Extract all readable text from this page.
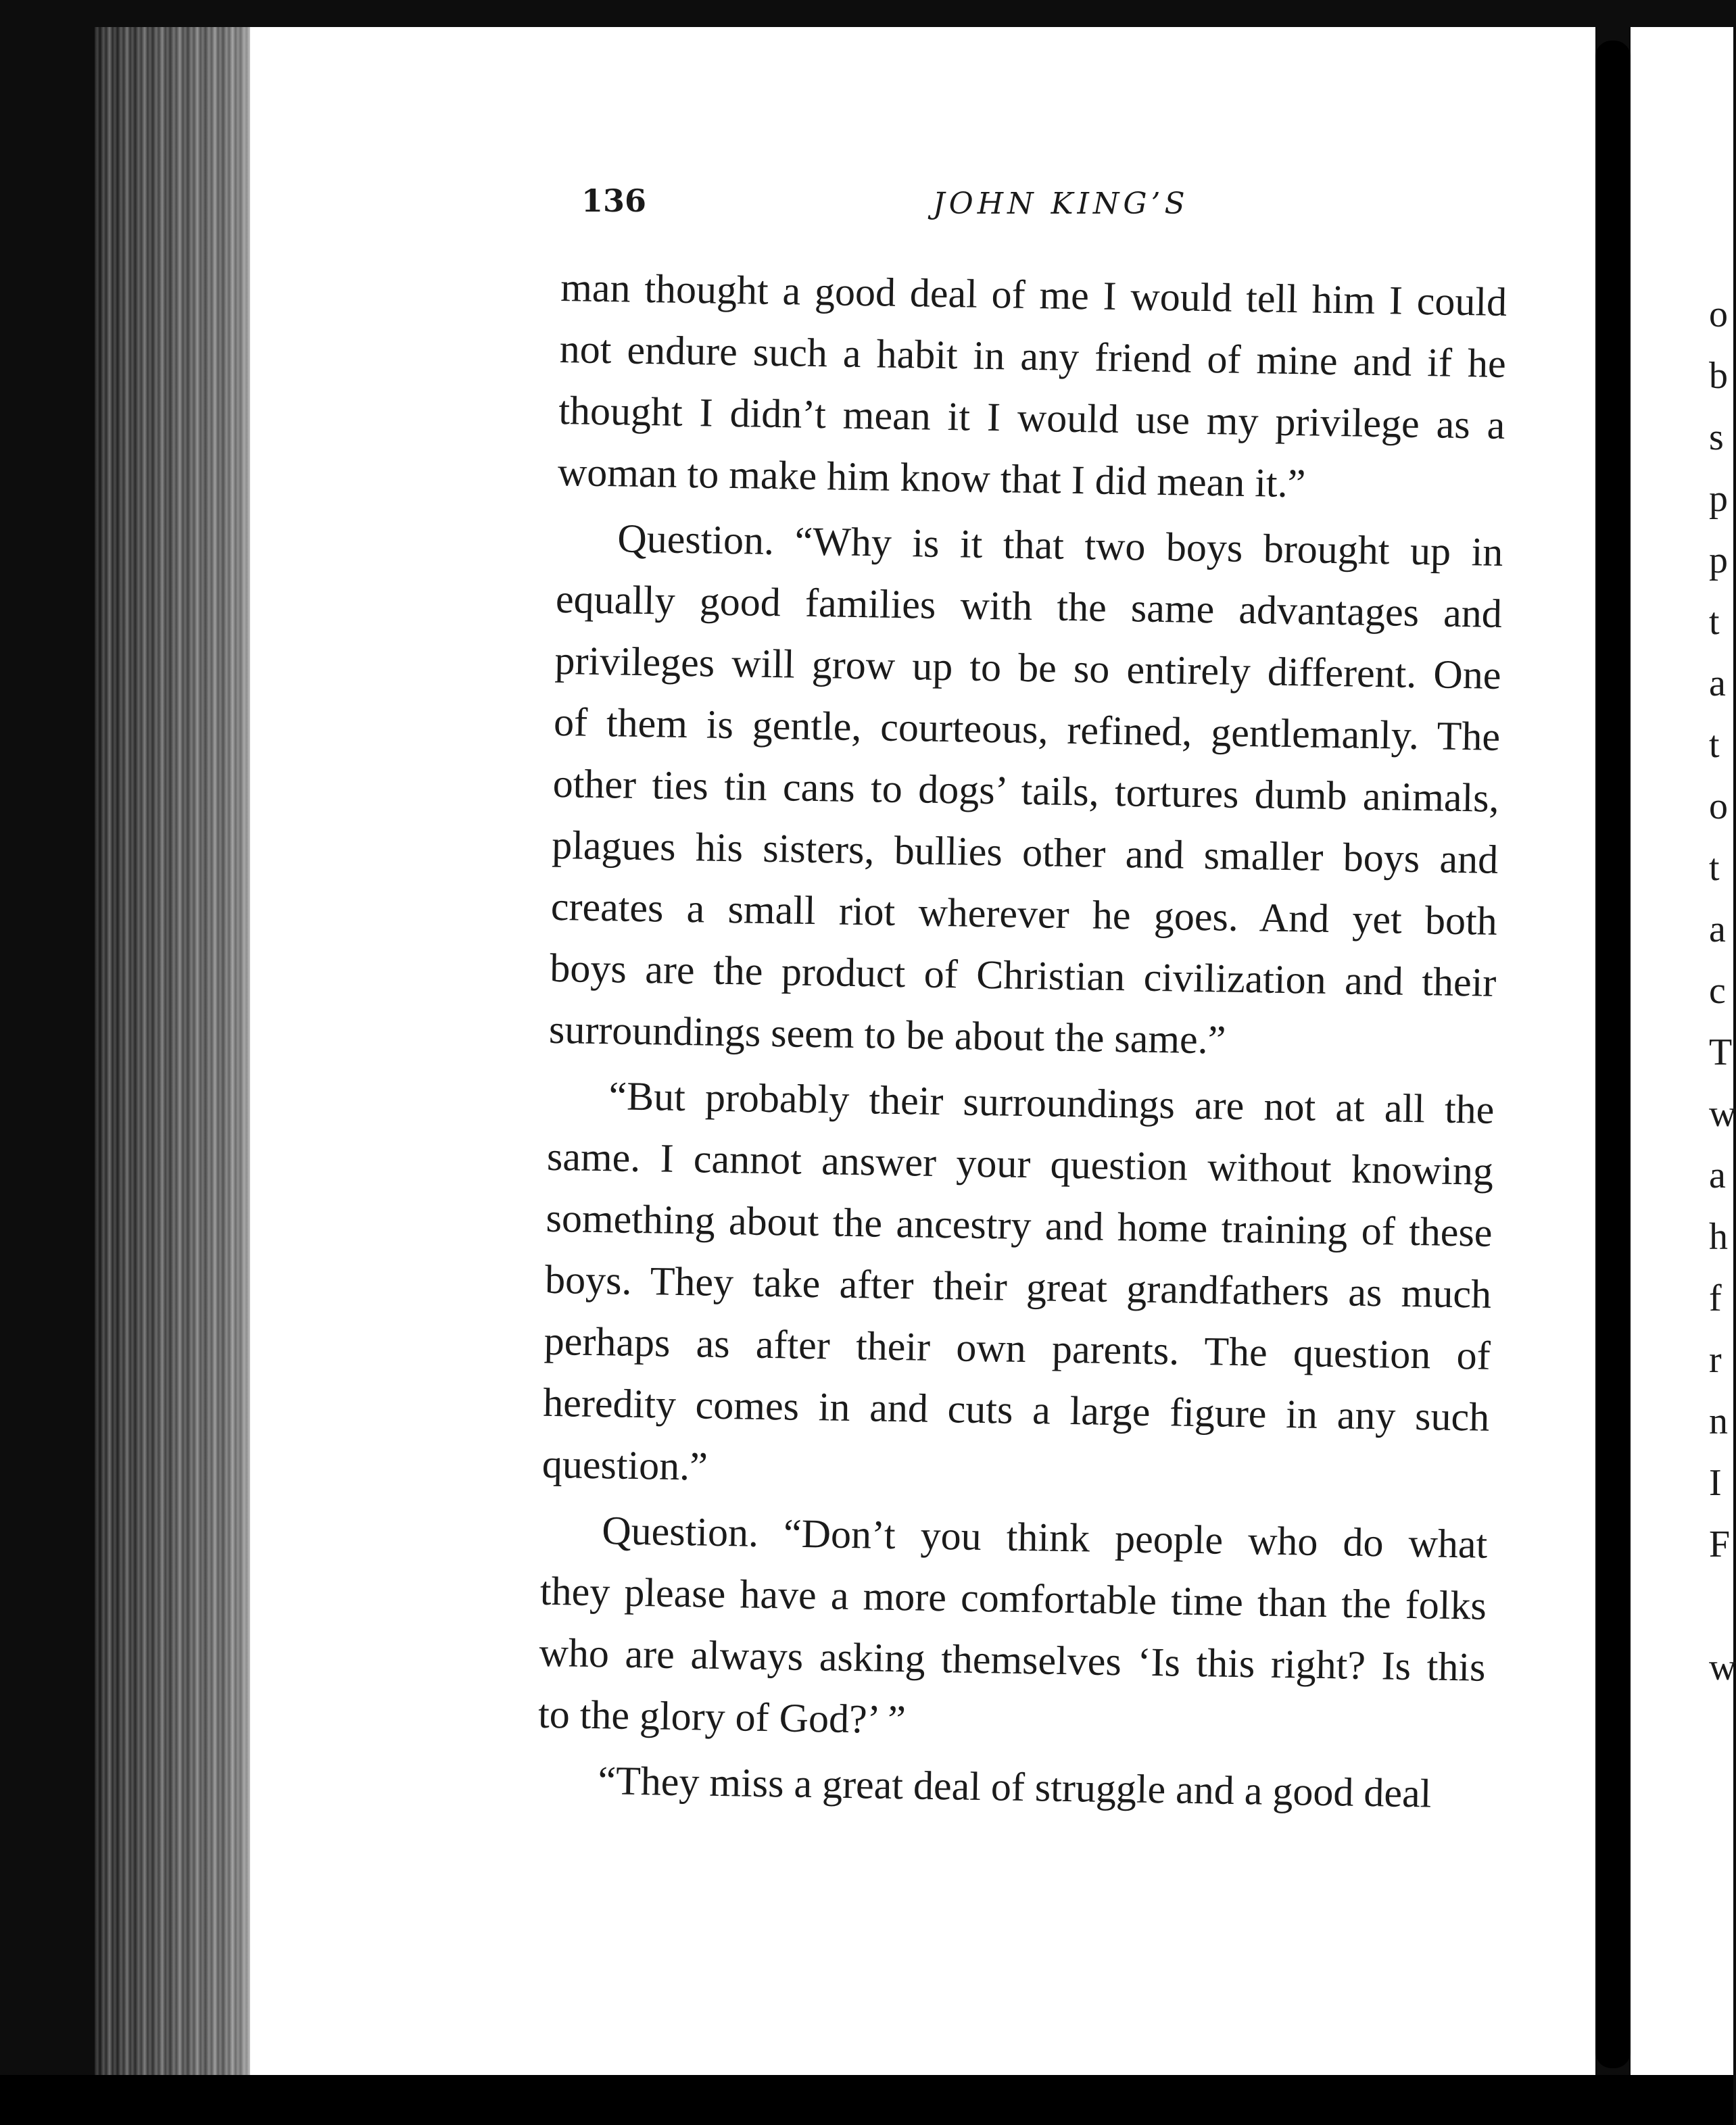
136	JOHN KING’S
man thought a good deal of me I would tell him I could
not endure such a habit in any friend of mine and if he
thought I didn’t mean it I would use my privilege as a
woman to make him know that I did mean it.”
Question. “Why is it that two boys brought up in
equally good families with the same advantages and
privileges will grow up to be so entirely different. One
of them is gentle, courteous, refined, gentlemanly. The
other ties tin cans to dogs’ tails, tortures dumb animals,
plagues his sisters, bullies other and smaller boys and
creates a small riot wherever he goes. And yet both
boys are the product of Christian civilization and their
surroundings seem to be about the same.”
“But probably their surroundings are not at all the
same. I cannot answer your question without knowing
something about the ancestry and home training of these
boys. They take after their great grandfathers as much
perhaps as after their own parents. The question of
heredity comes in and cuts a large figure in any such
question.”
Question. “Don’t you think people who do what
they please have a more comfortable time than the folks
who are always asking themselves ‘Is this right? Is this
to the glory of God?’ ”
“They miss a great deal of struggle and a good deal
o
b
s
p
p
t
a
t
o
t
a
c
T
w
a
h
f
r
n
I
F
w
